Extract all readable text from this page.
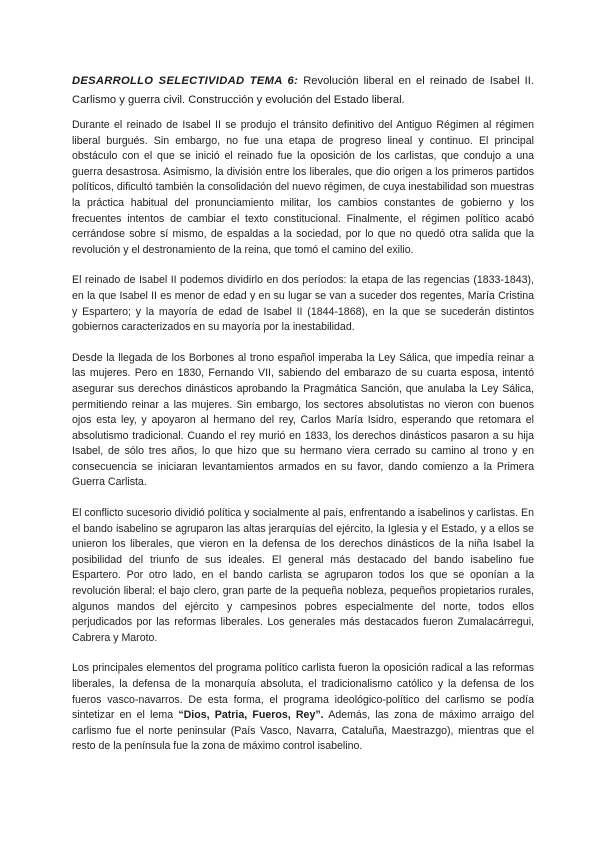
DESARROLLO SELECTIVIDAD TEMA 6: Revolución liberal en el reinado de Isabel II. Carlismo y guerra civil. Construcción y evolución del Estado liberal.

Durante el reinado de Isabel II se produjo el tránsito definitivo del Antiguo Régimen al régimen liberal burgués. Sin embargo, no fue una etapa de progreso lineal y continuo. El principal obstáculo con el que se inició el reinado fue la oposición de los carlistas, que condujo a una guerra desastrosa. Asimismo, la división entre los liberales, que dio origen a los primeros partidos políticos, dificultó también la consolidación del nuevo régimen, de cuya inestabilidad son muestras la práctica habitual del pronunciamiento militar, los cambios constantes de gobierno y los frecuentes intentos de cambiar el texto constitucional. Finalmente, el régimen político acabó cerrándose sobre sí mismo, de espaldas a la sociedad, por lo que no quedó otra salida que la revolución y el destronamiento de la reina, que tomó el camino del exilio.

El reinado de Isabel II podemos dividirlo en dos períodos: la etapa de las regencias (1833-1843), en la que Isabel II es menor de edad y en su lugar se van a suceder dos regentes, María Cristina y Espartero; y la mayoría de edad de Isabel II (1844-1868), en la que se sucederán distintos gobiernos caracterizados en su mayoría por la inestabilidad.

Desde la llegada de los Borbones al trono español imperaba la Ley Sálica, que impedía reinar a las mujeres. Pero en 1830, Fernando VII, sabiendo del embarazo de su cuarta esposa, intentó asegurar sus derechos dinásticos aprobando la Pragmática Sanción, que anulaba la Ley Sálica, permitiendo reinar a las mujeres. Sin embargo, los sectores absolutistas no vieron con buenos ojos esta ley, y apoyaron al hermano del rey, Carlos María Isidro, esperando que retomara el absolutismo tradicional. Cuando el rey murió en 1833, los derechos dinásticos pasaron a su hija Isabel, de sólo tres años, lo que hizo que su hermano viera cerrado su camino al trono y en consecuencia se iniciaran levantamientos armados en su favor, dando comienzo a la Primera Guerra Carlista.

El conflicto sucesorio dividió política y socialmente al país, enfrentando a isabelinos y carlistas. En el bando isabelino se agruparon las altas jerarquías del ejército, la Iglesia y el Estado, y a ellos se unieron los liberales, que vieron en la defensa de los derechos dinásticos de la niña Isabel la posibilidad del triunfo de sus ideales. El general más destacado del bando isabelino fue Espartero. Por otro lado, en el bando carlista se agruparon todos los que se oponían a la revolución liberal: el bajo clero, gran parte de la pequeña nobleza, pequeños propietarios rurales, algunos mandos del ejército y campesinos pobres especialmente del norte, todos ellos perjudicados por las reformas liberales. Los generales más destacados fueron Zumalacárregui, Cabrera y Maroto.

Los principales elementos del programa político carlista fueron la oposición radical a las reformas liberales, la defensa de la monarquía absoluta, el tradicionalismo católico y la defensa de los fueros vasco-navarros. De esta forma, el programa ideológico-político del carlismo se podía sintetizar en el lema “Dios, Patria, Fueros, Rey”. Además, las zona de máximo arraigo del carlismo fue el norte peninsular (País Vasco, Navarra, Cataluña, Maestrazgo), mientras que el resto de la península fue la zona de máximo control isabelino.
